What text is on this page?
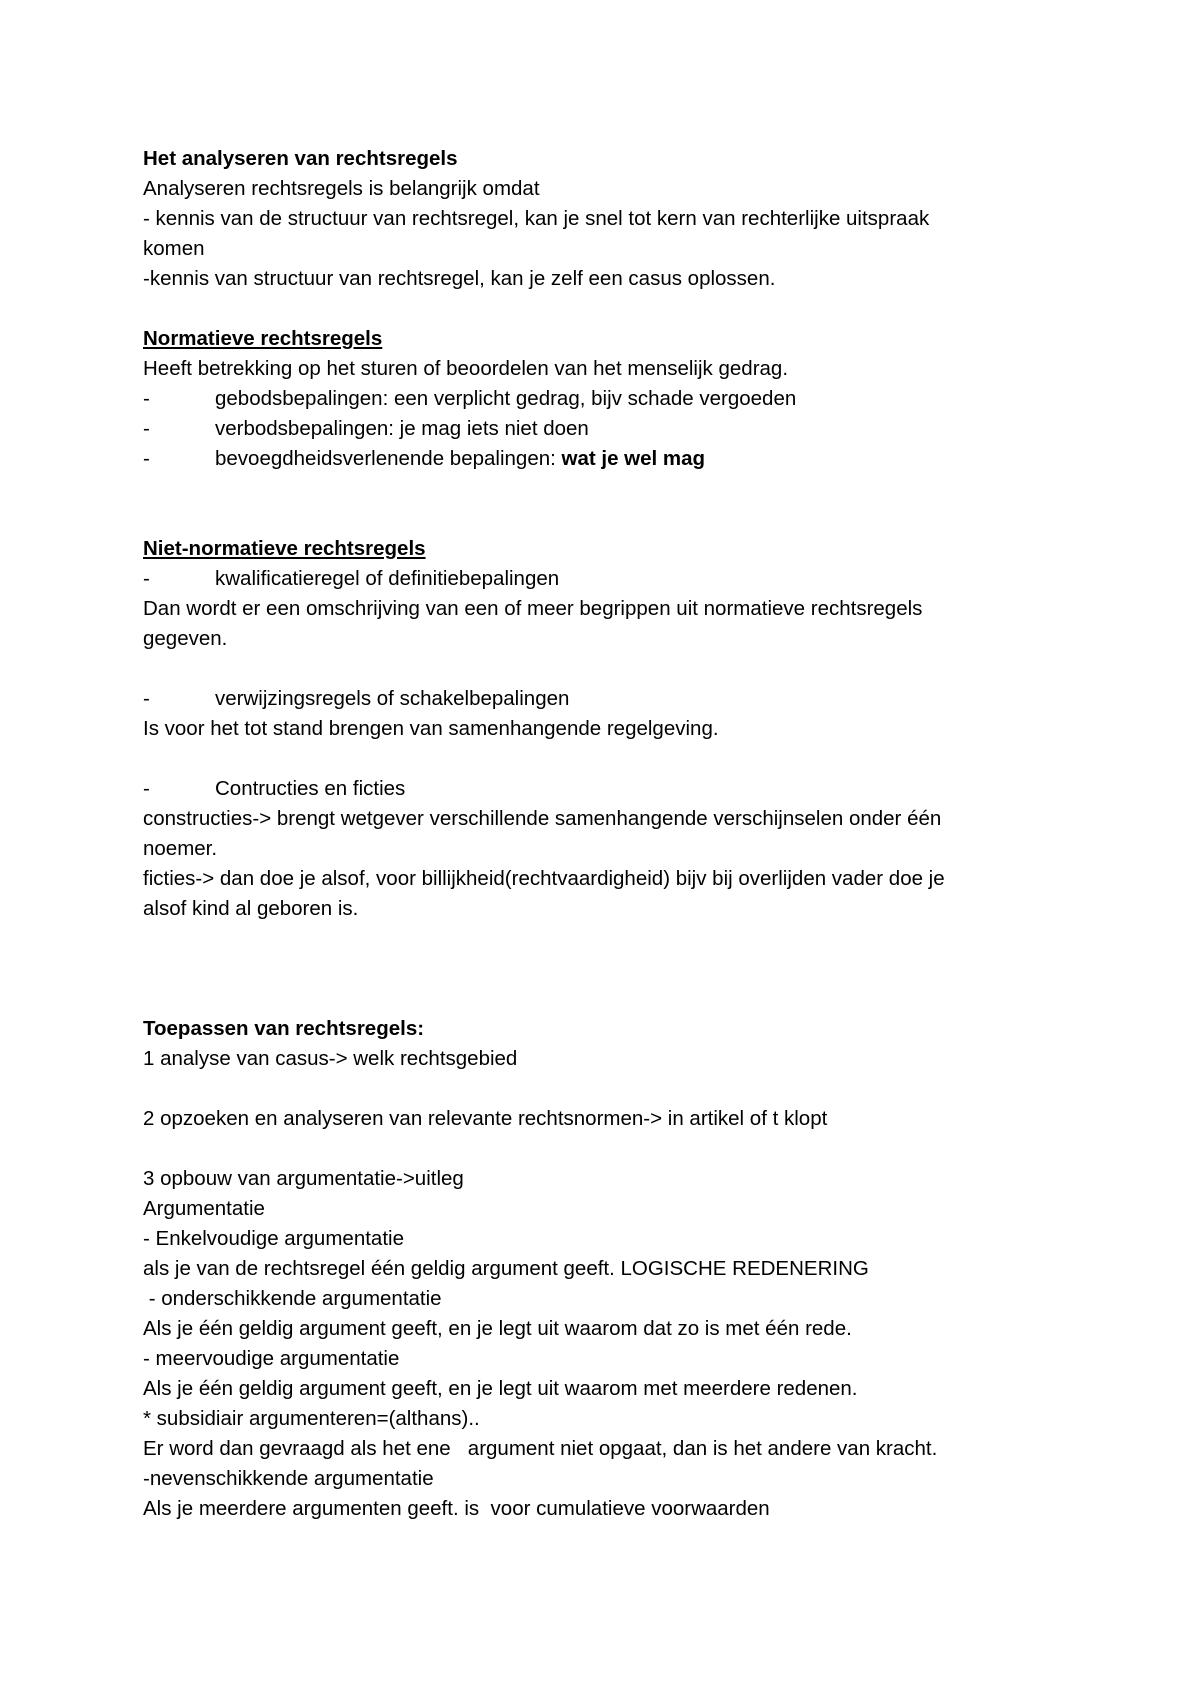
Het analyseren van rechtsregels
Analyseren rechtsregels is belangrijk omdat
- kennis van de structuur van rechtsregel, kan je snel tot kern van rechterlijke uitspraak
komen
-kennis van structuur van rechtsregel, kan je zelf een casus oplossen.
Normatieve rechtsregels
Heeft betrekking op het sturen of beoordelen van het menselijk gedrag.
-	gebodsbepalingen: een verplicht gedrag, bijv schade vergoeden
-	verbodsbepalingen: je mag iets niet doen
-	bevoegdheidsverlenende bepalingen: wat je wel mag
Niet-normatieve rechtsregels
-	kwalificatieregel of definitiebepalingen
Dan wordt er een omschrijving van een of meer begrippen uit normatieve rechtsregels
gegeven.
-	verwijzingsregels of schakelbepalingen
Is voor het tot stand brengen van samenhangende regelgeving.
-	Contructies en ficties
constructies-> brengt wetgever verschillende samenhangende verschijnselen onder één
noemer.
ficties-> dan doe je alsof, voor billijkheid(rechtvaardigheid) bijv bij overlijden vader doe je
alsof kind al geboren is.
Toepassen van rechtsregels:
1 analyse van casus-> welk rechtsgebied
2 opzoeken en analyseren van relevante rechtsnormen-> in artikel of t klopt
3 opbouw van argumentatie->uitleg
Argumentatie
- Enkelvoudige argumentatie
als je van de rechtsregel één geldig argument geeft. LOGISCHE REDENERING
- onderschikkende argumentatie
Als je één geldig argument geeft, en je legt uit waarom dat zo is met één rede.
- meervoudige argumentatie
Als je één geldig argument geeft, en je legt uit waarom met meerdere redenen.
* subsidiair argumenteren=(althans)..
Er word dan gevraagd als het ene   argument niet opgaat, dan is het andere van kracht.
-nevenschikkende argumentatie
Als je meerdere argumenten geeft. is  voor cumulatieve voorwaarden
